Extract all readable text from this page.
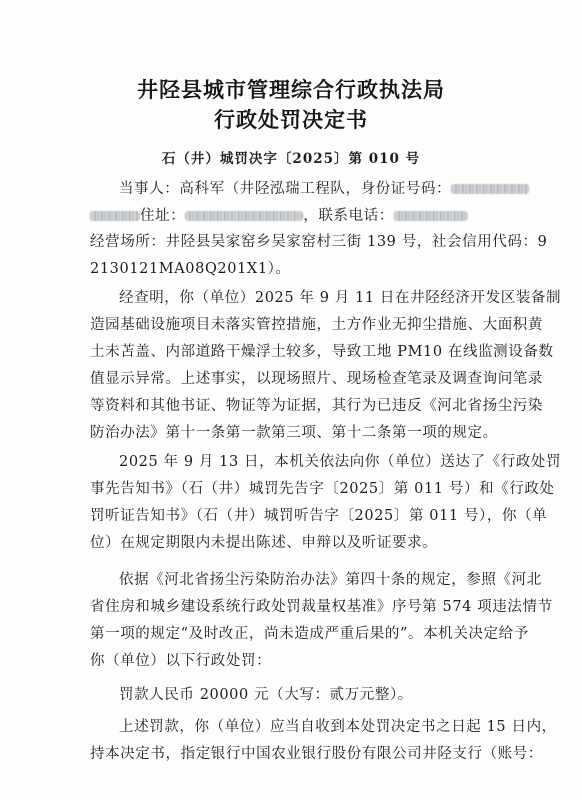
井陉县城市管理综合行政执法局
行政处罚决定书
石（井）城罚决字〔2025〕第 010 号
当事人：高科军（井陉泓瑞工程队，身份证号码：
住址：	，联系电话：
经营场所：井陉县吴家窑乡吴家窑村三街 139 号，社会信用代码：9
2130121MA08Q201X1）。
经查明，你（单位）2025 年 9 月 11 日在井陉经济开发区装备制
造园基础设施项目未落实管控措施，土方作业无抑尘措施、大面积黄
土未苫盖、内部道路干燥浮土较多，导致工地 PM10 在线监测设备数
值显示异常。上述事实，以现场照片、现场检查笔录及调查询问笔录
等资料和其他书证、物证等为证据，其行为已违反《河北省扬尘污染
防治办法》第十一条第一款第三项、第十二条第一项的规定。
2025 年 9 月 13 日，本机关依法向你（单位）送达了《行政处罚
事先告知书》（石（井）城罚先告字〔2025〕第 011 号）和《行政处
罚听证告知书》（石（井）城罚听告字〔2025〕第 011 号），你（单
位）在规定期限内未提出陈述、申辩以及听证要求。
依据《河北省扬尘污染防治办法》第四十条的规定，参照《河北
省住房和城乡建设系统行政处罚裁量权基准》序号第 574 项违法情节
第一项的规定“及时改正，尚未造成严重后果的”。本机关决定给予
你（单位）以下行政处罚：
罚款人民币 20000 元（大写：贰万元整）。
上述罚款，你（单位）应当自收到本处罚决定书之日起 15 日内，
持本决定书，指定银行中国农业银行股份有限公司井陉支行（账号：
